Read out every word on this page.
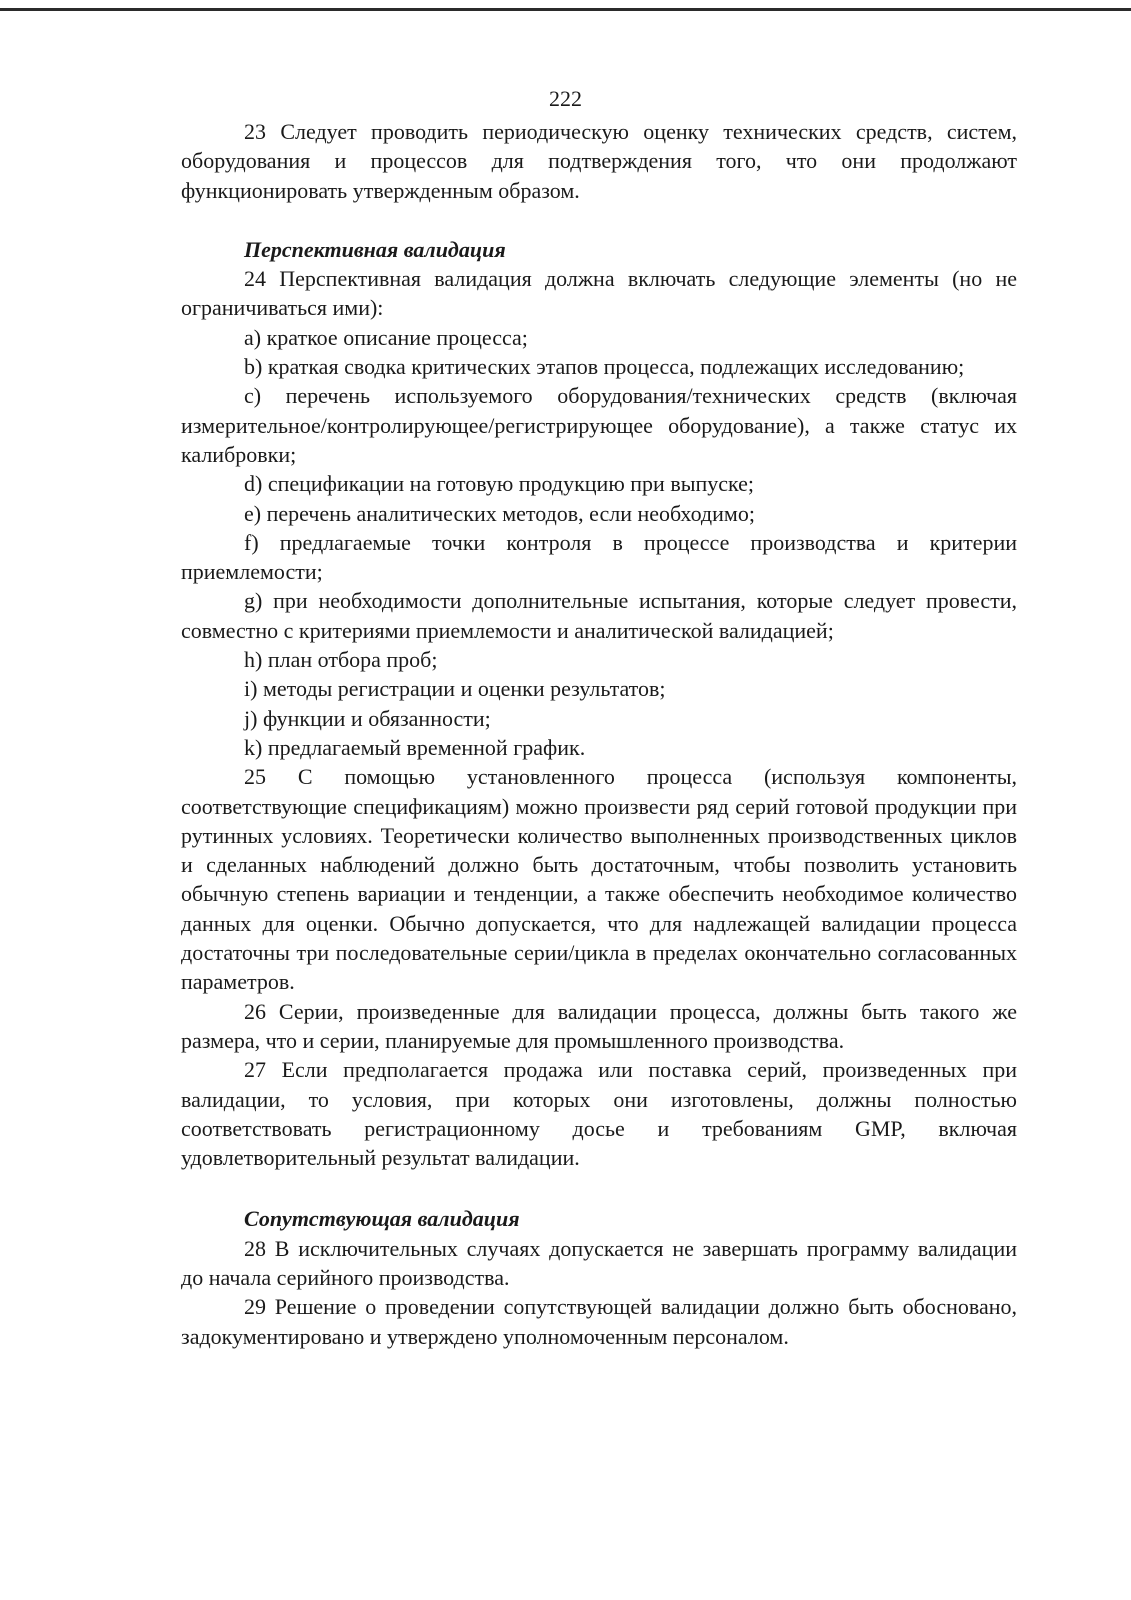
222

23 Следует проводить периодическую оценку технических средств, систем, оборудования и процессов для подтверждения того, что они продолжают функционировать утвержденным образом.

Перспективная валидация

24 Перспективная валидация должна включать следующие элементы (но не ограничиваться ими):

a) краткое описание процесса;

b) краткая сводка критических этапов процесса, подлежащих исследованию;

c) перечень используемого оборудования/технических средств (включая измерительное/контролирующее/регистрирующее оборудование), а также статус их калибровки;

d) спецификации на готовую продукцию при выпуске;

e) перечень аналитических методов, если необходимо;

f) предлагаемые точки контроля в процессе производства и критерии приемлемости;

g) при необходимости дополнительные испытания, которые следует провести, совместно с критериями приемлемости и аналитической валидацией;

h) план отбора проб;

i) методы регистрации и оценки результатов;

j) функции и обязанности;

k) предлагаемый временной график.

25 С помощью установленного процесса (используя компоненты, соответствующие спецификациям) можно произвести ряд серий готовой продукции при рутинных условиях. Теоретически количество выполненных производственных циклов и сделанных наблюдений должно быть достаточным, чтобы позволить установить обычную степень вариации и тенденции, а также обеспечить необходимое количество данных для оценки. Обычно допускается, что для надлежащей валидации процесса достаточны три последовательные серии/цикла в пределах окончательно согласованных параметров.

26 Серии, произведенные для валидации процесса, должны быть такого же размера, что и серии, планируемые для промышленного производства.

27 Если предполагается продажа или поставка серий, произведенных при валидации, то условия, при которых они изготовлены, должны полностью соответствовать регистрационному досье и требованиям GMP, включая удовлетворительный результат валидации.

Сопутствующая валидация

28 В исключительных случаях допускается не завершать программу валидации до начала серийного производства.

29 Решение о проведении сопутствующей валидации должно быть обосновано, задокументировано и утверждено уполномоченным персоналом.
